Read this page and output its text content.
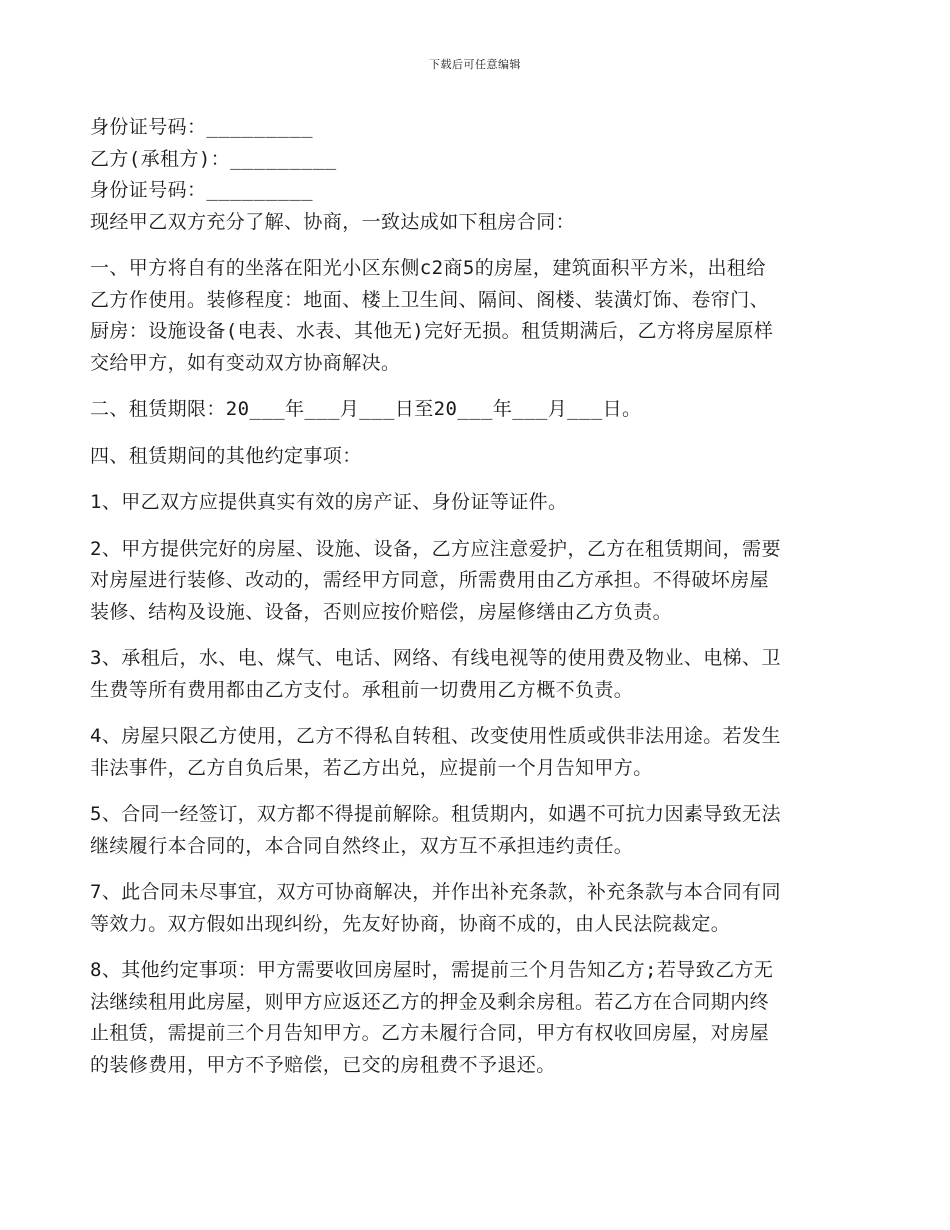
下载后可任意编辑

身份证号码：_________

乙方(承租方)：_________

身份证号码：_________

现经甲乙双方充分了解、协商，一致达成如下租房合同：

一、甲方将自有的坐落在阳光小区东侧c2商5的房屋，建筑面积平方米，出租给

乙方作使用。装修程度：地面、楼上卫生间、隔间、阁楼、装潢灯饰、卷帘门、

厨房：设施设备(电表、水表、其他无)完好无损。租赁期满后，乙方将房屋原样

交给甲方，如有变动双方协商解决。

二、租赁期限：20___年___月___日至20___年___月___日。

四、租赁期间的其他约定事项：

1、甲乙双方应提供真实有效的房产证、身份证等证件。

2、甲方提供完好的房屋、设施、设备，乙方应注意爱护，乙方在租赁期间，需要

对房屋进行装修、改动的，需经甲方同意，所需费用由乙方承担。不得破坏房屋

装修、结构及设施、设备，否则应按价赔偿，房屋修缮由乙方负责。

3、承租后，水、电、煤气、电话、网络、有线电视等的使用费及物业、电梯、卫

生费等所有费用都由乙方支付。承租前一切费用乙方概不负责。

4、房屋只限乙方使用，乙方不得私自转租、改变使用性质或供非法用途。若发生

非法事件，乙方自负后果，若乙方出兑，应提前一个月告知甲方。

5、合同一经签订，双方都不得提前解除。租赁期内，如遇不可抗力因素导致无法

继续履行本合同的，本合同自然终止，双方互不承担违约责任。

7、此合同未尽事宜，双方可协商解决，并作出补充条款，补充条款与本合同有同

等效力。双方假如出现纠纷，先友好协商，协商不成的，由人民法院裁定。

8、其他约定事项：甲方需要收回房屋时，需提前三个月告知乙方;若导致乙方无

法继续租用此房屋，则甲方应返还乙方的押金及剩余房租。若乙方在合同期内终

止租赁，需提前三个月告知甲方。乙方未履行合同，甲方有权收回房屋，对房屋

的装修费用，甲方不予赔偿，已交的房租费不予退还。
